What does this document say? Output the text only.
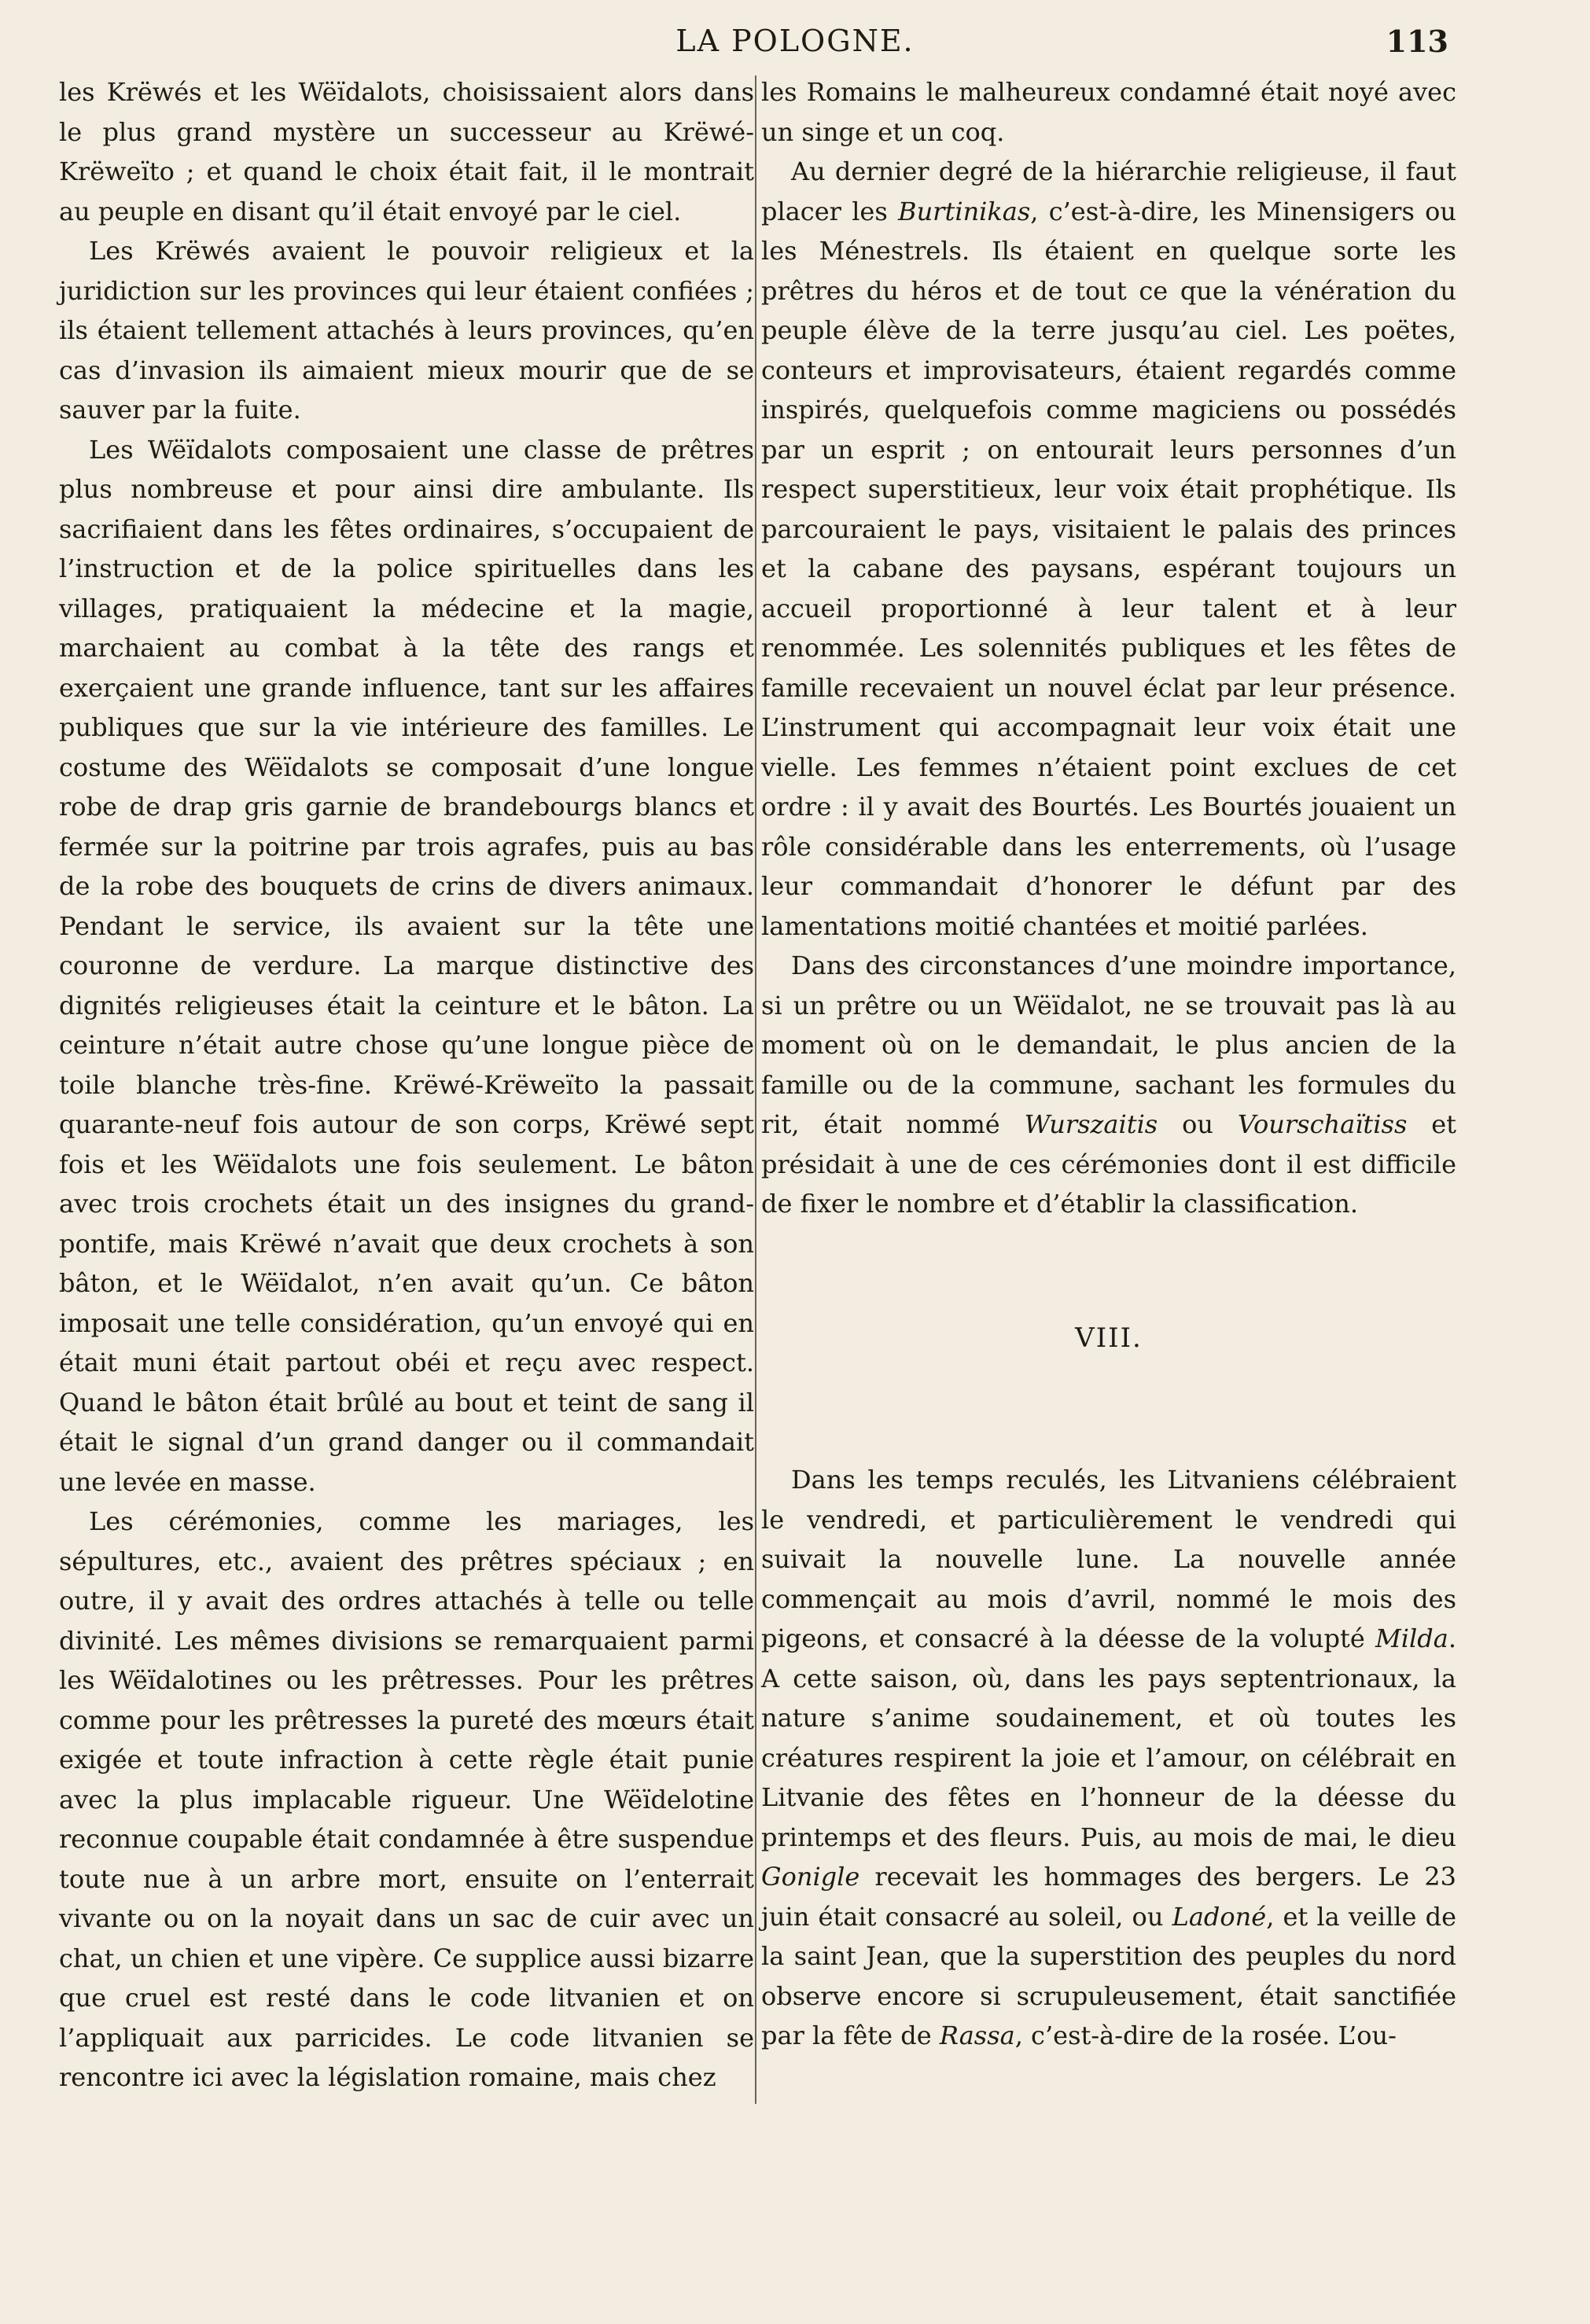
LA POLOGNE.	113

les Krëwés et les Wëïdalots, choisissaient alors dans le plus grand mystère un successeur au Krëwé-Krëweïto ; et quand le choix était fait, il le montrait au peuple en disant qu’il était envoyé par le ciel.

Les Krëwés avaient le pouvoir religieux et la juridiction sur les provinces qui leur étaient confiées ; ils étaient tellement attachés à leurs provinces, qu’en cas d’invasion ils aimaient mieux mourir que de se sauver par la fuite.

Les Wëïdalots composaient une classe de prêtres plus nombreuse et pour ainsi dire ambulante. Ils sacrifiaient dans les fêtes ordinaires, s’occupaient de l’instruction et de la police spirituelles dans les villages, pratiquaient la médecine et la magie, marchaient au combat à la tête des rangs et exerçaient une grande influence, tant sur les affaires publiques que sur la vie intérieure des familles. Le costume des Wëïdalots se composait d’une longue robe de drap gris garnie de brandebourgs blancs et fermée sur la poitrine par trois agrafes, puis au bas de la robe des bouquets de crins de divers animaux. Pendant le service, ils avaient sur la tête une couronne de verdure. La marque distinctive des dignités religieuses était la ceinture et le bâton. La ceinture n’était autre chose qu’une longue pièce de toile blanche très-fine. Krëwé-Krëweïto la passait quarante-neuf fois autour de son corps, Krëwé sept fois et les Wëïdalots une fois seulement. Le bâton avec trois crochets était un des insignes du grand-pontife, mais Krëwé n’avait que deux crochets à son bâton, et le Wëïdalot, n’en avait qu’un. Ce bâton imposait une telle considération, qu’un envoyé qui en était muni était partout obéi et reçu avec respect. Quand le bâton était brûlé au bout et teint de sang il était le signal d’un grand danger ou il commandait une levée en masse.

Les cérémonies, comme les mariages, les sépultures, etc., avaient des prêtres spéciaux ; en outre, il y avait des ordres attachés à telle ou telle divinité. Les mêmes divisions se remarquaient parmi les Wëïdalotines ou les prêtresses. Pour les prêtres comme pour les prêtresses la pureté des mœurs était exigée et toute infraction à cette règle était punie avec la plus implacable rigueur. Une Wëïdelotine reconnue coupable était condamnée à être suspendue toute nue à un arbre mort, ensuite on l’enterrait vivante ou on la noyait dans un sac de cuir avec un chat, un chien et une vipère. Ce supplice aussi bizarre que cruel est resté dans le code litvanien et on l’appliquait aux parricides. Le code litvanien se rencontre ici avec la législation romaine, mais chez

les Romains le malheureux condamné était noyé avec un singe et un coq.

Au dernier degré de la hiérarchie religieuse, il faut placer les Burtinikas, c’est-à-dire, les Minensigers ou les Ménestrels. Ils étaient en quelque sorte les prêtres du héros et de tout ce que la vénération du peuple élève de la terre jusqu’au ciel. Les poëtes, conteurs et improvisateurs, étaient regardés comme inspirés, quelquefois comme magiciens ou possédés par un esprit ; on entourait leurs personnes d’un respect superstitieux, leur voix était prophétique. Ils parcouraient le pays, visitaient le palais des princes et la cabane des paysans, espérant toujours un accueil proportionné à leur talent et à leur renommée. Les solennités publiques et les fêtes de famille recevaient un nouvel éclat par leur présence. L’instrument qui accompagnait leur voix était une vielle. Les femmes n’étaient point exclues de cet ordre : il y avait des Bourtés. Les Bourtés jouaient un rôle considérable dans les enterrements, où l’usage leur commandait d’honorer le défunt par des lamentations moitié chantées et moitié parlées.

Dans des circonstances d’une moindre importance, si un prêtre ou un Wëïdalot, ne se trouvait pas là au moment où on le demandait, le plus ancien de la famille ou de la commune, sachant les formules du rit, était nommé Wurszaitis ou Vourschaïtiss et présidait à une de ces cérémonies dont il est difficile de fixer le nombre et d’établir la classification.

VIII.

Dans les temps reculés, les Litvaniens célébraient le vendredi, et particulièrement le vendredi qui suivait la nouvelle lune. La nouvelle année commençait au mois d’avril, nommé le mois des pigeons, et consacré à la déesse de la volupté Milda. A cette saison, où, dans les pays septentrionaux, la nature s’anime soudainement, et où toutes les créatures respirent la joie et l’amour, on célébrait en Litvanie des fêtes en l’honneur de la déesse du printemps et des fleurs. Puis, au mois de mai, le dieu Gonigle recevait les hommages des bergers. Le 23 juin était consacré au soleil, ou Ladoné, et la veille de la saint Jean, que la superstition des peuples du nord observe encore si scrupuleusement, était sanctifiée par la fête de Rassa, c’est-à-dire de la rosée. L’ou-
